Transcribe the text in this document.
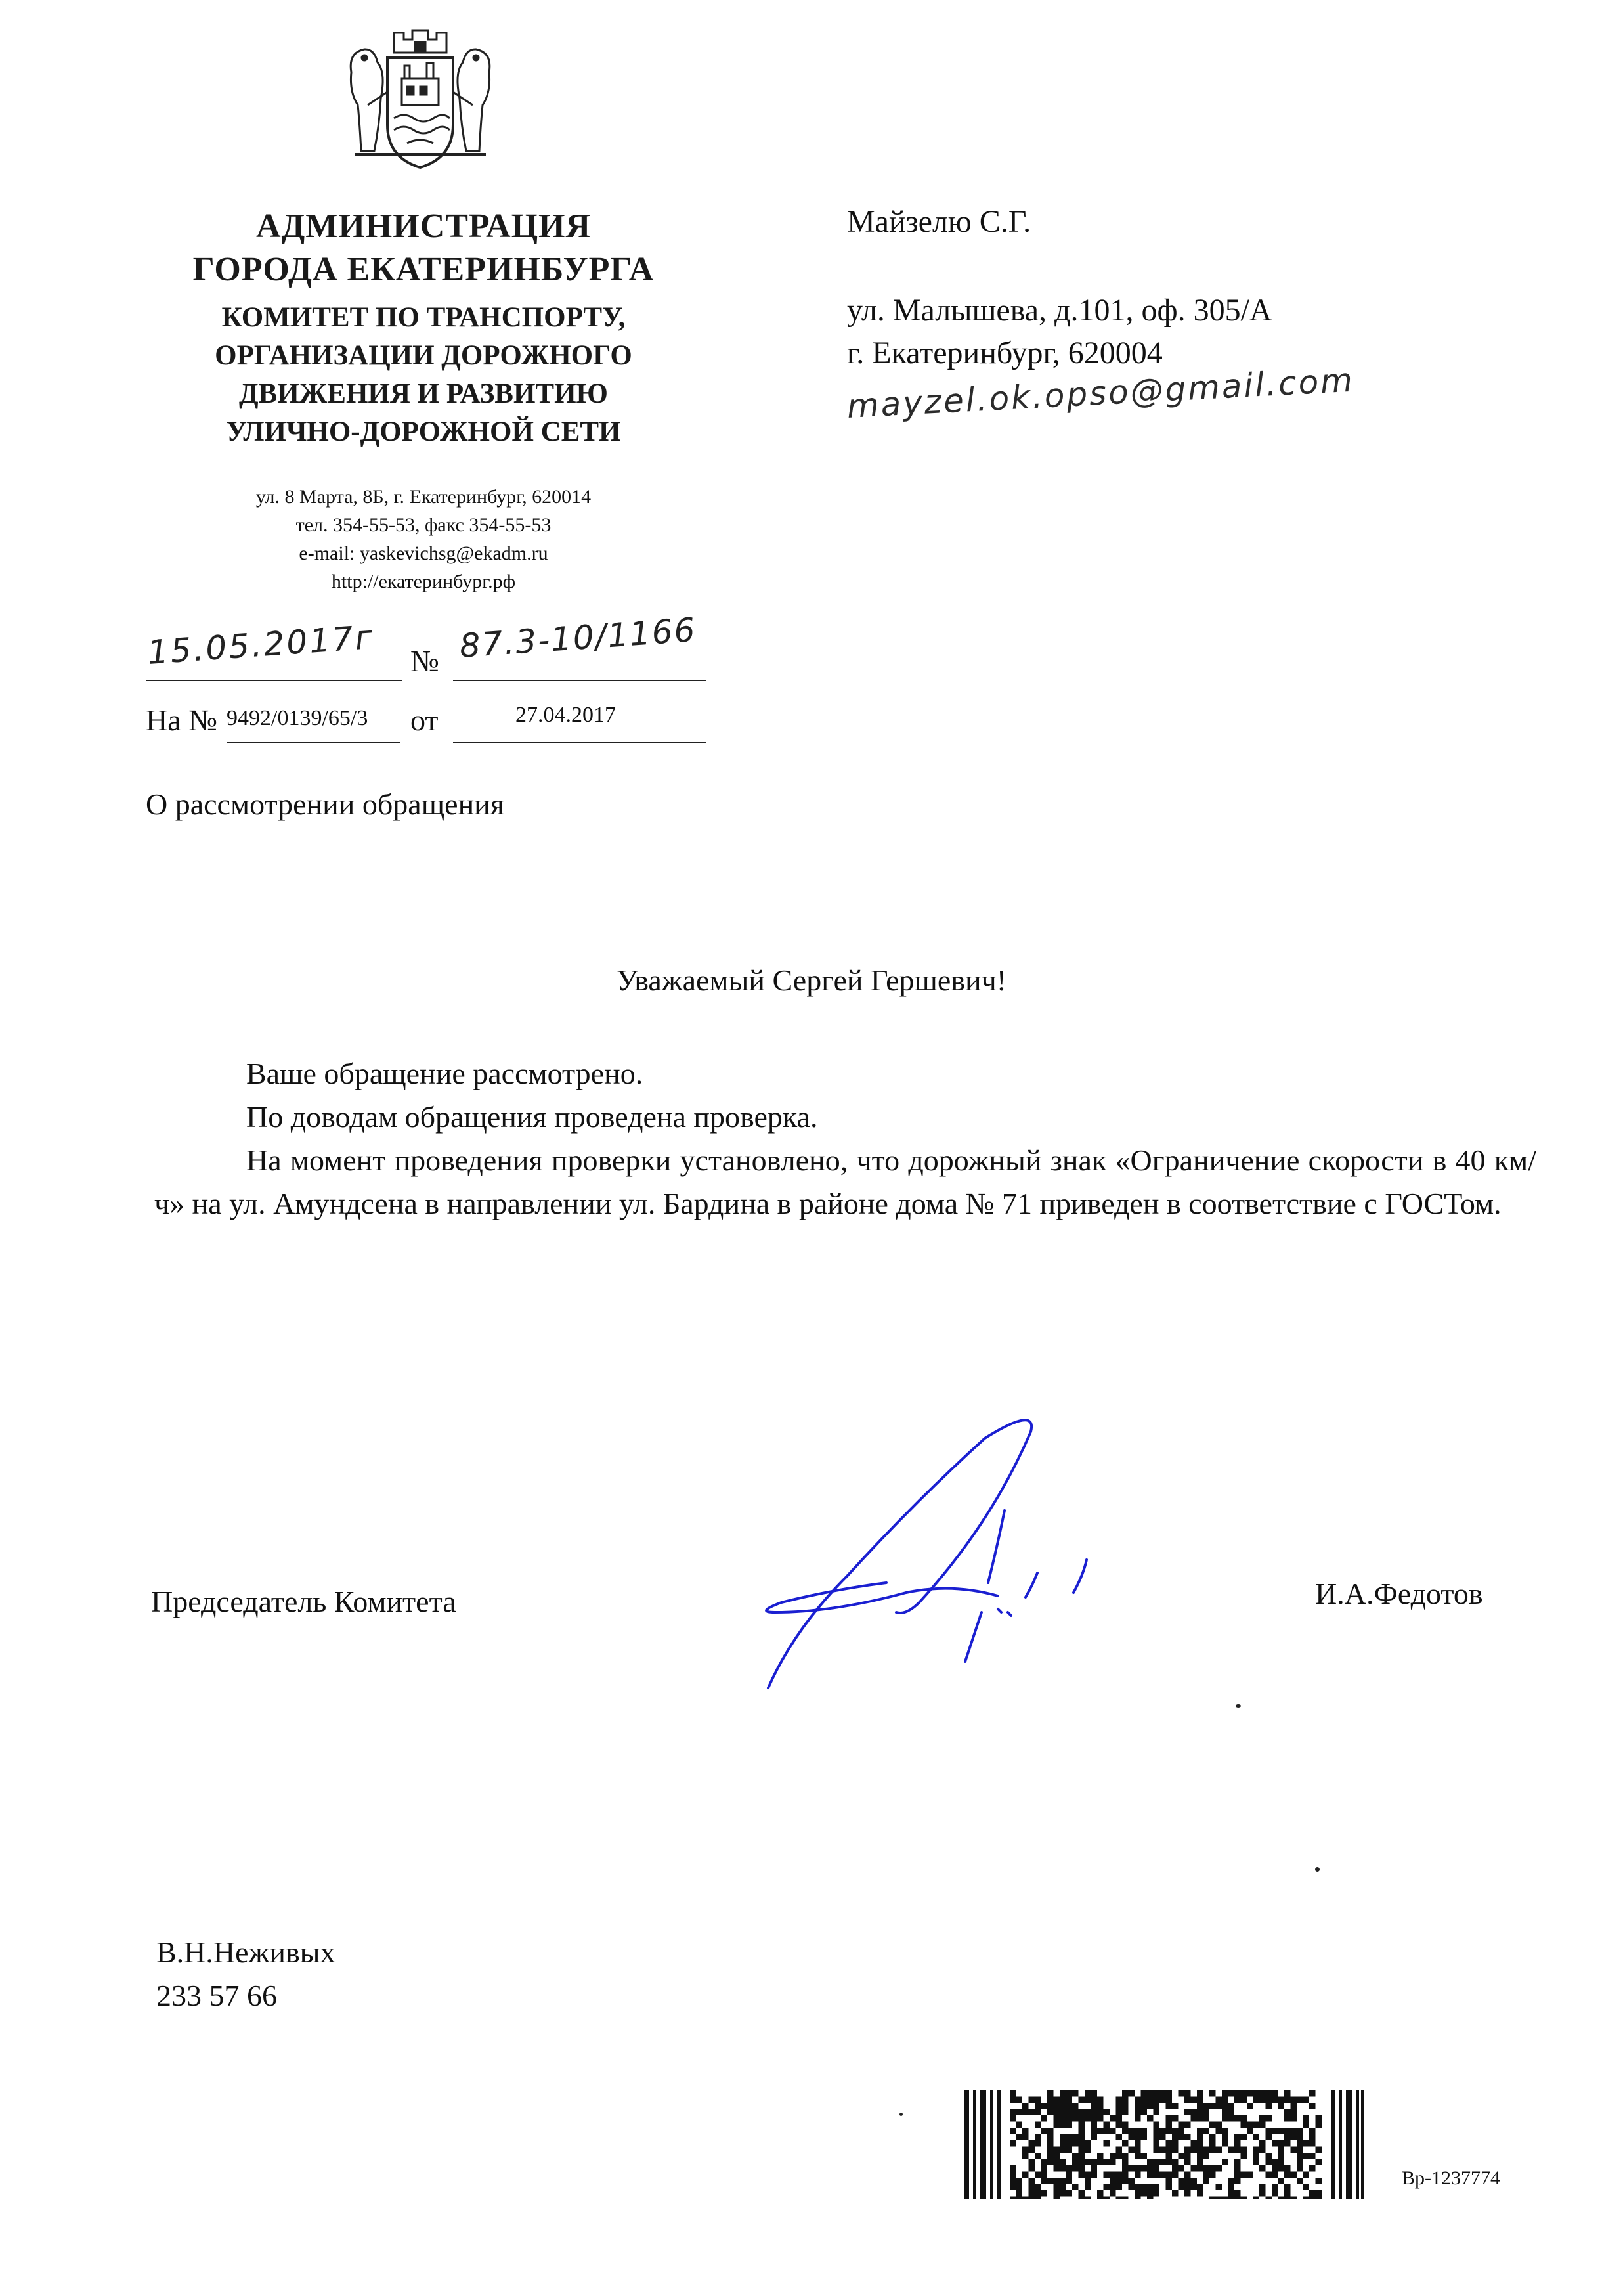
АДМИНИСТРАЦИЯ
ГОРОДА ЕКАТЕРИНБУРГА
КОМИТЕТ ПО ТРАНСПОРТУ,
ОРГАНИЗАЦИИ ДОРОЖНОГО
ДВИЖЕНИЯ И РАЗВИТИЮ
УЛИЧНО-ДОРОЖНОЙ СЕТИ
ул. 8 Марта, 8Б, г. Екатеринбург, 620014
тел. 354-55-53, факс 354-55-53
e-mail: yaskevichsg@ekadm.ru
http://екатеринбург.рф
Майзелю С.Г.
ул. Малышева, д.101, оф. 305/А
г. Екатеринбург, 620004
mayzel.ok.opso@gmail.com
15.05.2017г № 87.3-10/1166
На № 9492/0139/65/3 от	27.04.2017
О рассмотрении обращения
Уважаемый Сергей Гершевич!

Ваше обращение рассмотрено.

По доводам обращения проведена проверка.

На момент проведения проверки установлено, что дорожный знак «Ограничение скорости в 40 км/ч» на ул. Амундсена в направлении ул. Бардина в районе дома № 71 приведен в соответствие с ГОСТом.

Председатель Комитета	И.А.Федотов
В.Н.Неживых
233 57 66
Вр-1237774
